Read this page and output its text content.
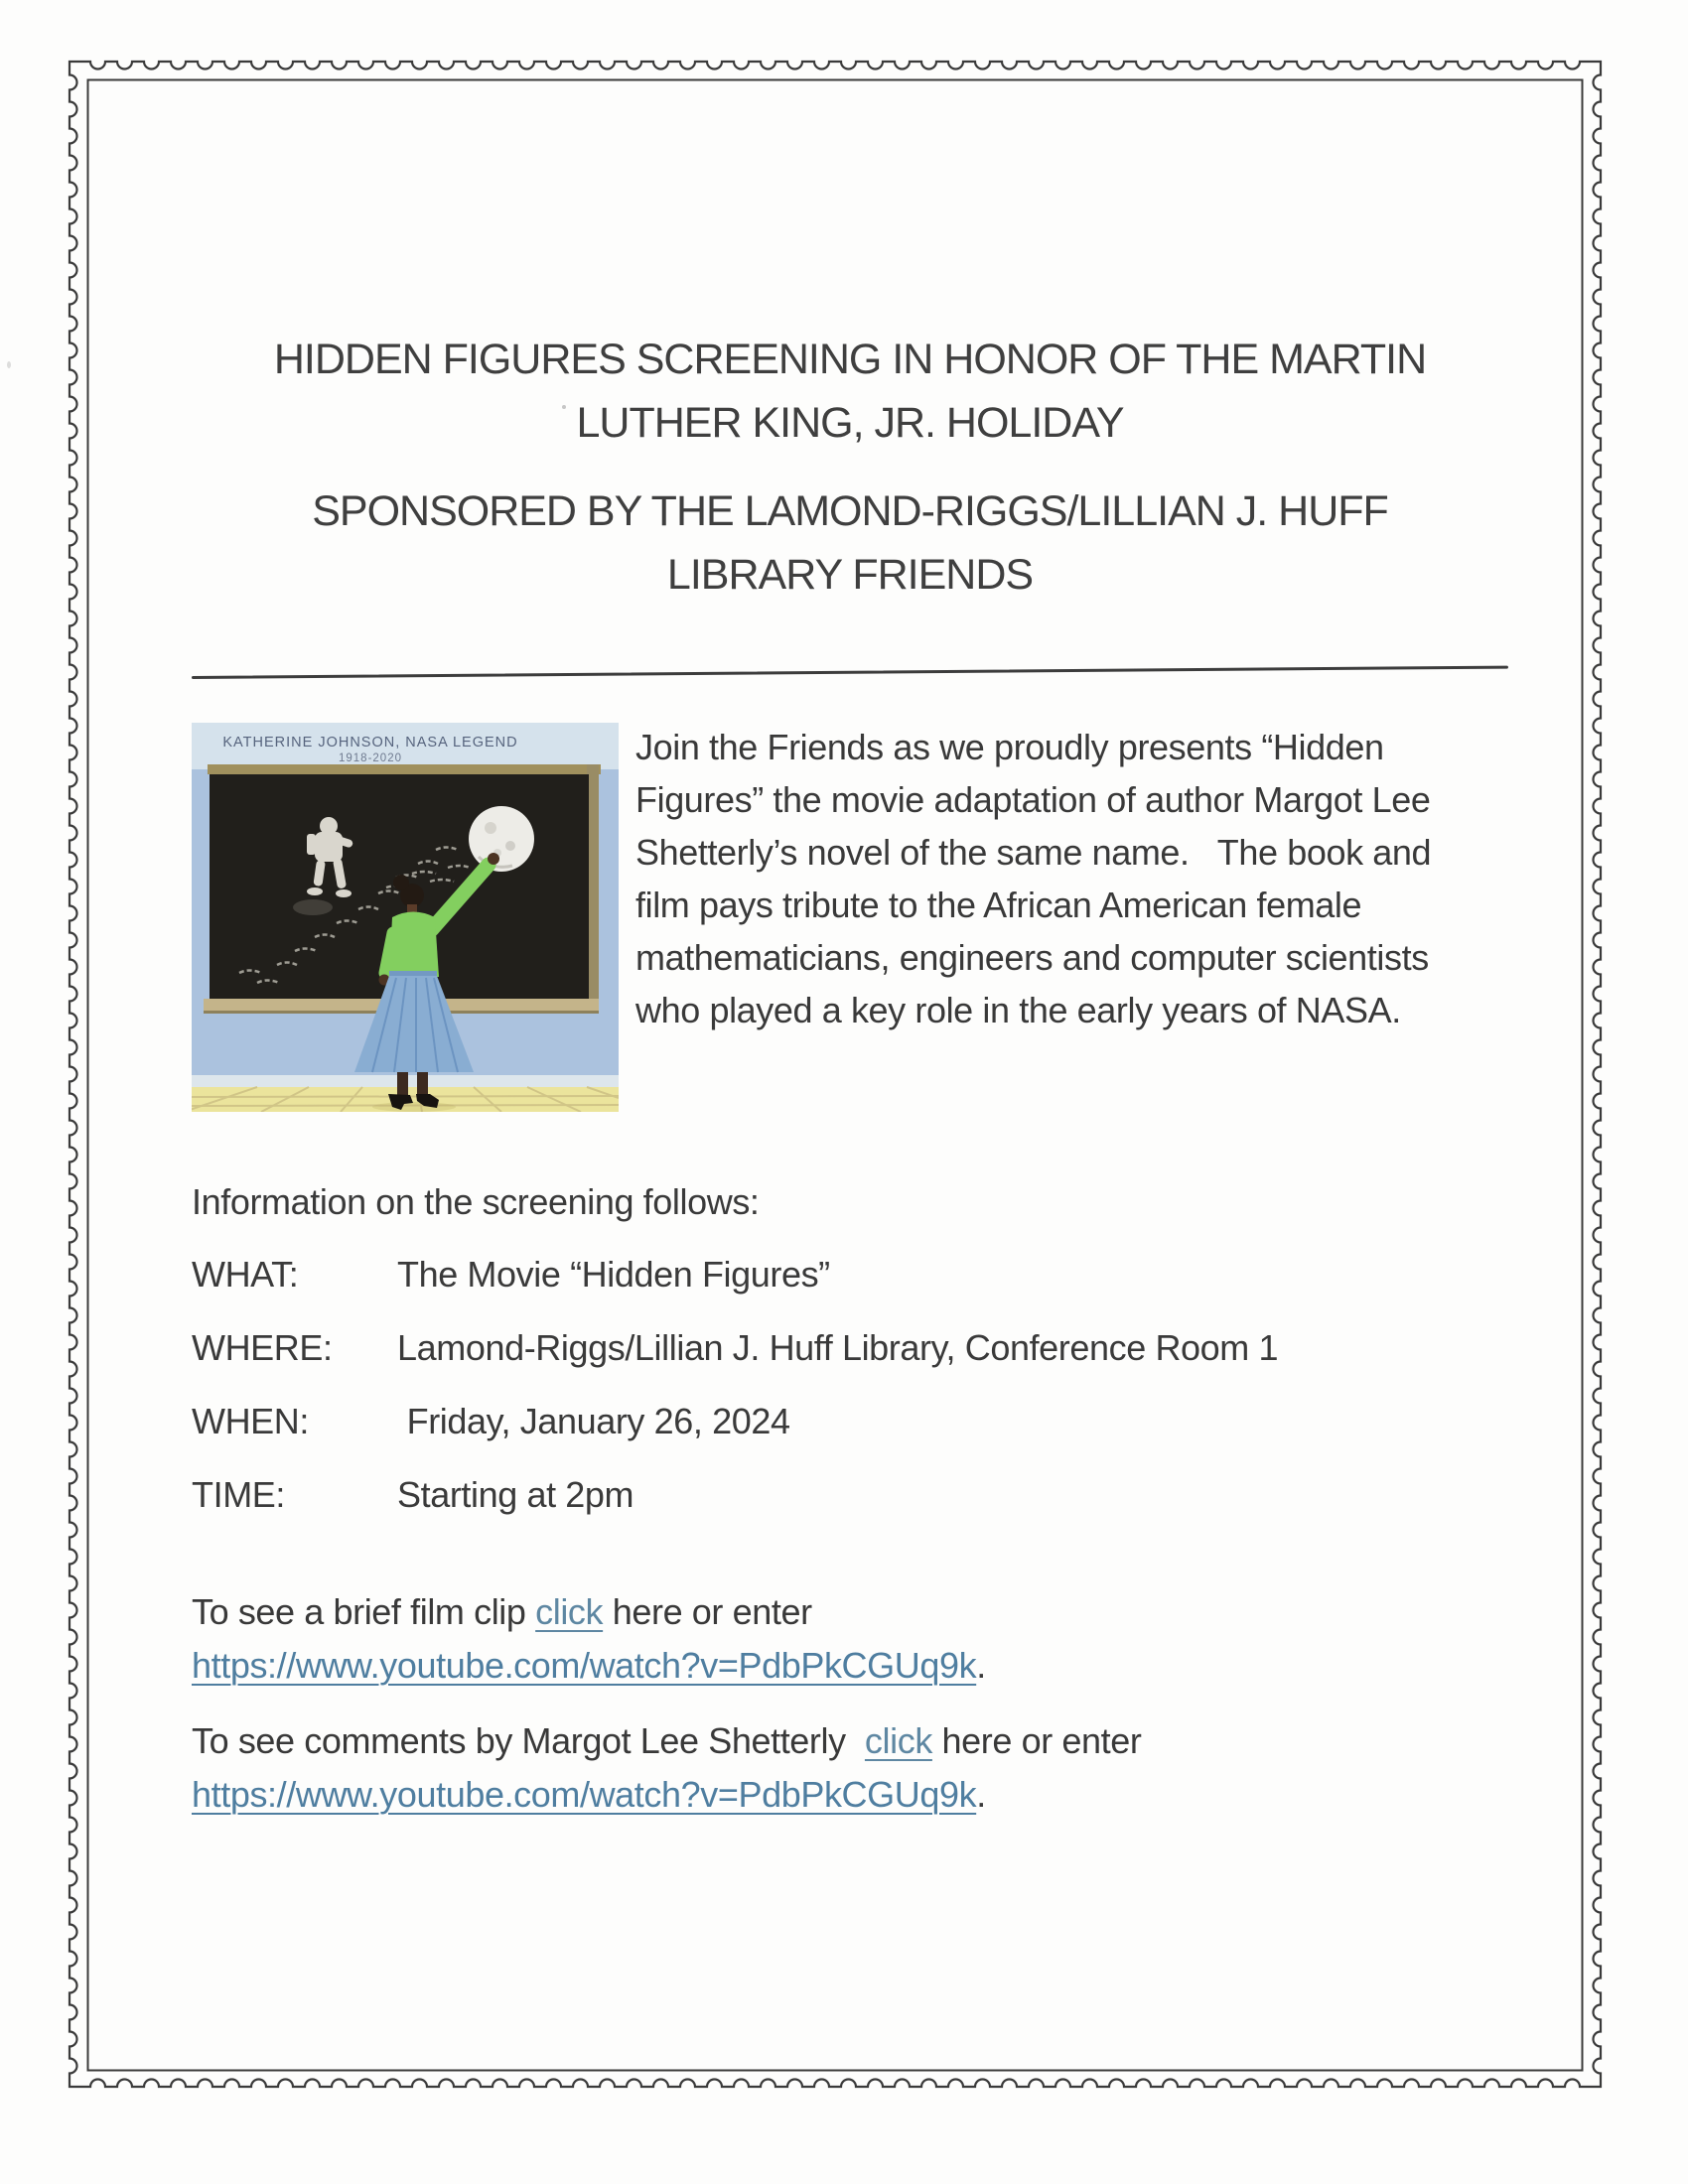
HIDDEN FIGURES SCREENING IN HONOR OF THE MARTIN
LUTHER KING, JR. HOLIDAY
SPONSORED BY THE LAMOND-RIGGS/LILLIAN J. HUFF
LIBRARY FRIENDS
KATHERINE JOHNSON, NASA LEGEND
1918-2020	Join the Friends as we proudly presents “Hidden Figures” the movie adaptation of author Margot Lee Shetterly’s novel of the same name.   The book and film pays tribute to the African American female mathematicians, engineers and computer scientists who played a key role in the early years of NASA.

Information on the screening follows:
WHAT:	The Movie “Hidden Figures”
WHERE:	Lamond-Riggs/Lillian J. Huff Library, Conference Room 1
WHEN:	Friday, January 26, 2024
TIME:	Starting at 2pm

To see a brief film clip click here or enter
https://www.youtube.com/watch?v=PdbPkCGUq9k.

To see comments by Margot Lee Shetterly  click here or enter
https://www.youtube.com/watch?v=PdbPkCGUq9k.
